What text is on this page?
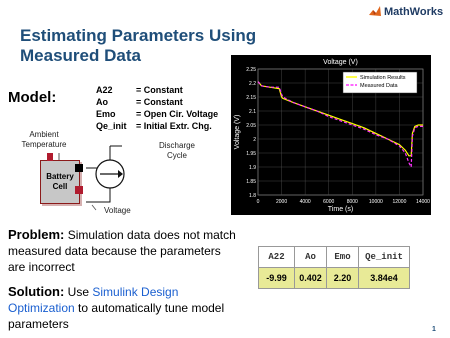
Estimating Parameters Using Measured Data
MathWorks
Model:	A22	= Constant
Ao	= Constant
Emo = Open Cir. Voltage
Qe_init = Initial Extr. Chg.
Ambient Temperature	Discharge Cycle
Battery Cell
Voltage
Problem: Simulation data does not match measured data because the parameters are incorrect
Solution: Use Simulink Design Optimization to automatically tune model parameters
0	2000 4000 6000 8000 10000 12000 14000
1.8
1.85
1.9
1.95
2
2.05
2.1
2.15
2.2
2.25
Voltage (V)
Time (s)
Voltage (V)
Simulation Results
Measured Data
A22	Ao	Emo	Qe_init
-9.99	0.402	2.20	3.84e4
1
